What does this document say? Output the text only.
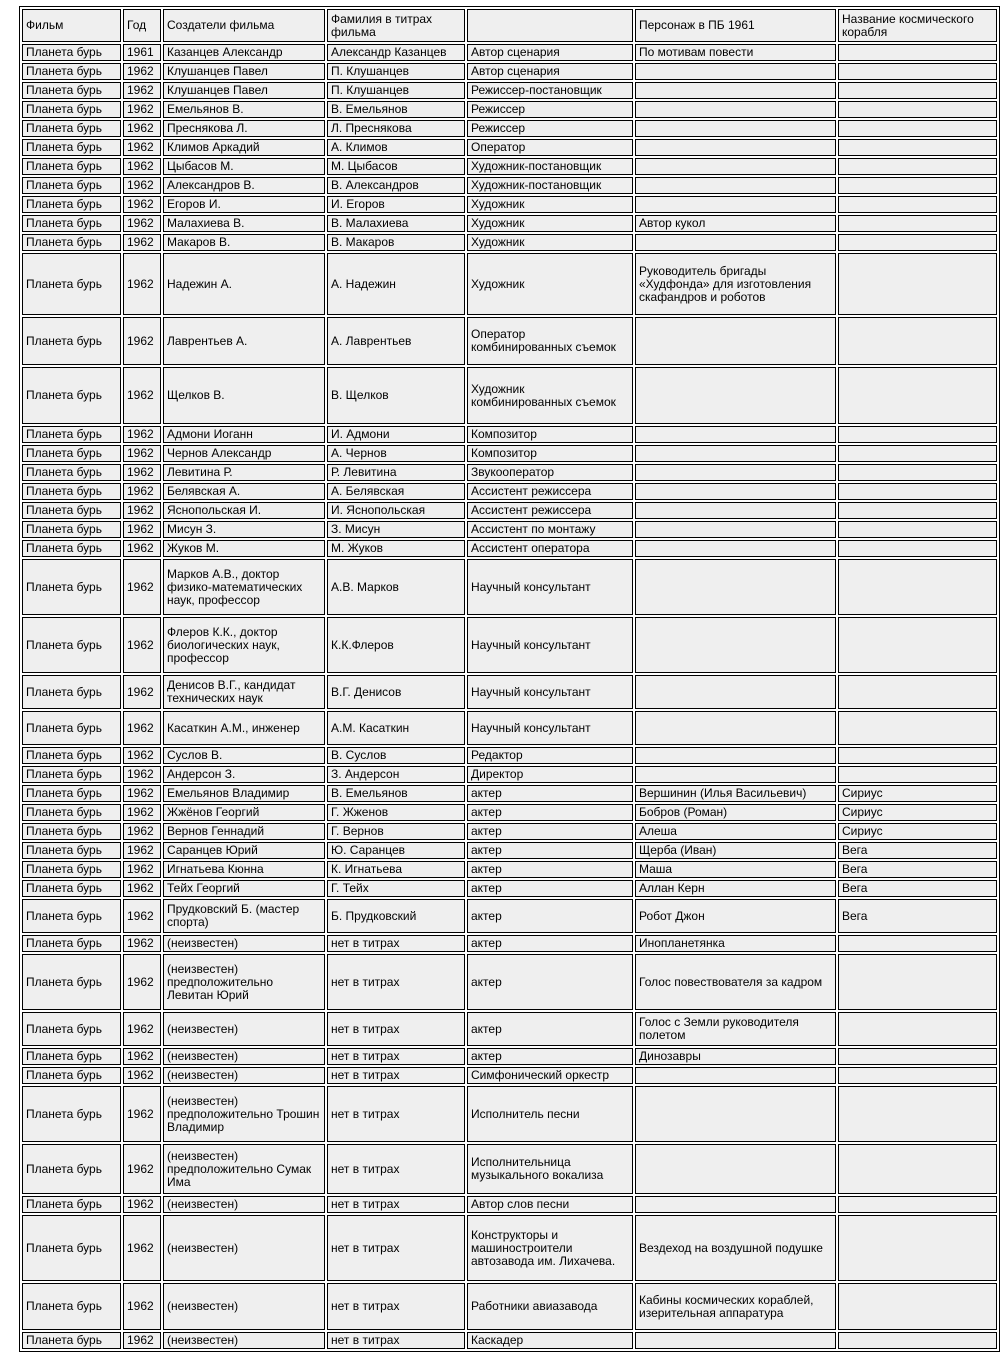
Фильм	Год	Создатели фильма	Фамилия в титрах фильма		Персонаж в ПБ 1961	Название космического корабля
Планета бурь	1961	Казанцев Александр	Александр Казанцев	Автор сценария	По мотивам повести	
Планета бурь	1962	Клушанцев Павел	П. Клушанцев	Автор сценария		
Планета бурь	1962	Клушанцев Павел	П. Клушанцев	Режиссер-постановщик		
Планета бурь	1962	Емельянов В.	В. Емельянов	Режиссер		
Планета бурь	1962	Преснякова Л.	Л. Преснякова	Режиссер		
Планета бурь	1962	Климов Аркадий	А. Климов	Оператор		
Планета бурь	1962	Цыбасов М.	М. Цыбасов	Художник-постановщик		
Планета бурь	1962	Александров В.	В. Александров	Художник-постановщик		
Планета бурь	1962	Егоров И.	И. Егоров	Художник		
Планета бурь	1962	Малахиева В.	В. Малахиева	Художник	Автор кукол	
Планета бурь	1962	Макаров В.	В. Макаров	Художник		
Планета бурь	1962	Надежин А.	А. Надежин	Художник	Руководитель бригады «Худфонда» для изготовления скафандров и роботов	
Планета бурь	1962	Лаврентьев А.	А. Лаврентьев	Оператор комбинированных съемок		
Планета бурь	1962	Щелков В.	В. Щелков	Художник комбинированных съемок		
Планета бурь	1962	Адмони Иоганн	И. Адмони	Композитор		
Планета бурь	1962	Чернов Александр	А. Чернов	Композитор		
Планета бурь	1962	Левитина Р.	Р. Левитина	Звукооператор		
Планета бурь	1962	Белявская А.	А. Белявская	Ассистент режиссера		
Планета бурь	1962	Яснопольская И.	И. Яснопольская	Ассистент режиссера		
Планета бурь	1962	Мисун З.	З. Мисун	Ассистент по монтажу		
Планета бурь	1962	Жуков М.	М. Жуков	Ассистент оператора		
Планета бурь	1962	Марков А.В., доктор физико-математических наук, профессор	А.В. Марков	Научный консультант		
Планета бурь	1962	Флеров К.К., доктор биологических наук, профессор	К.К.Флеров	Научный консультант		
Планета бурь	1962	Денисов В.Г., кандидат технических наук	В.Г. Денисов	Научный консультант		
Планета бурь	1962	Касаткин А.М., инженер	А.М. Касаткин	Научный консультант		
Планета бурь	1962	Суслов В.	В. Суслов	Редактор		
Планета бурь	1962	Андерсон З.	З. Андерсон	Директор		
Планета бурь	1962	Емельянов Владимир	В. Емельянов	актер	Вершинин (Илья Васильевич)	Сириус
Планета бурь	1962	Жжёнов Георгий	Г. Жженов	актер	Бобров (Роман)	Сириус
Планета бурь	1962	Вернов Геннадий	Г. Вернов	актер	Алеша	Сириус
Планета бурь	1962	Саранцев Юрий	Ю. Саранцев	актер	Щерба (Иван)	Вега
Планета бурь	1962	Игнатьева Кюнна	К. Игнатьева	актер	Маша	Вега
Планета бурь	1962	Тейх Георгий	Г. Тейх	актер	Аллан Керн	Вега
Планета бурь	1962	Прудковский Б. (мастер спорта)	Б. Прудковский	актер	Робот Джон	Вега
Планета бурь	1962	(неизвестен)	нет в титрах	актер	Инопланетянка	
Планета бурь	1962	(неизвестен) предположительно Левитан Юрий	нет в титрах	актер	Голос повествователя за кадром	
Планета бурь	1962	(неизвестен)	нет в титрах	актер	Голос с Земли руководителя полетом	
Планета бурь	1962	(неизвестен)	нет в титрах	актер	Динозавры	
Планета бурь	1962	(неизвестен)	нет в титрах	Симфонический оркестр		
Планета бурь	1962	(неизвестен) предположительно Трошин Владимир	нет в титрах	Исполнитель песни		
Планета бурь	1962	(неизвестен) предположительно Сумак Има	нет в титрах	Исполнительница музыкального вокализа		
Планета бурь	1962	(неизвестен)	нет в титрах	Автор слов песни		
Планета бурь	1962	(неизвестен)	нет в титрах	Конструкторы и машиностроители автозавода им. Лихачева.	Вездеход на воздушной подушке	
Планета бурь	1962	(неизвестен)	нет в титрах	Работники авиазавода	Кабины космических кораблей, изерительная аппаратура	
Планета бурь	1962	(неизвестен)	нет в титрах	Каскадер		
